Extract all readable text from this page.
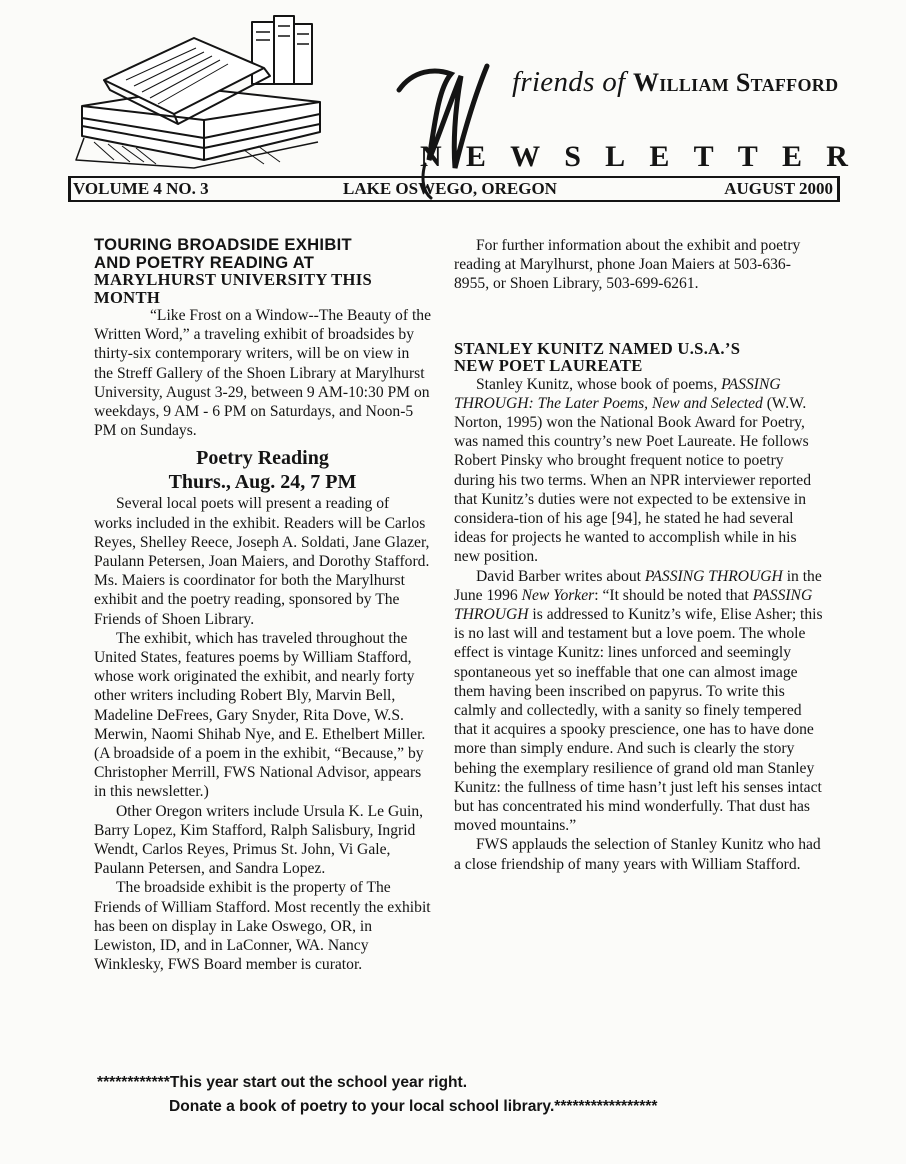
friends of William Stafford
NEWSLETTER
VOLUME 4 NO. 3	LAKE OSWEGO, OREGON	AUGUST 2000
TOURING BROADSIDE EXHIBIT
AND POETRY READING AT
MARYLHURST UNIVERSITY THIS
MONTH

“Like Frost on a Window--The Beauty of the Written Word,” a traveling exhibit of broadsides by thirty-six contemporary writers, will be on view in the Streff Gallery of the Shoen Library at Marylhurst University, August 3-29, between 9 AM-10:30 PM on weekdays, 9 AM - 6 PM on Saturdays, and Noon-5 PM on Sundays.

Poetry Reading
Thurs., Aug. 24, 7 PM

Several local poets will present a reading of works included in the exhibit. Readers will be Carlos Reyes, Shelley Reece, Joseph A. Soldati, Jane Glazer, Paulann Petersen, Joan Maiers, and Dorothy Stafford. Ms. Maiers is coordinator for both the Marylhurst exhibit and the poetry reading, sponsored by The Friends of Shoen Library.

The exhibit, which has traveled throughout the United States, features poems by William Stafford, whose work originated the exhibit, and nearly forty other writers including Robert Bly, Marvin Bell, Madeline DeFrees, Gary Snyder, Rita Dove, W.S. Merwin, Naomi Shihab Nye, and E. Ethelbert Miller. (A broadside of a poem in the exhibit, “Because,” by Christopher Merrill, FWS National Advisor, appears in this newsletter.)

Other Oregon writers include Ursula K. Le Guin, Barry Lopez, Kim Stafford, Ralph Salisbury, Ingrid Wendt, Carlos Reyes, Primus St. John, Vi Gale, Paulann Petersen, and Sandra Lopez.

The broadside exhibit is the property of The Friends of William Stafford. Most recently the exhibit has been on display in Lake Oswego, OR, in Lewiston, ID, and in LaConner, WA. Nancy Winklesky, FWS Board member is curator.

For further information about the exhibit and poetry reading at Marylhurst, phone Joan Maiers at 503-636-8955, or Shoen Library, 503-699-6261.

STANLEY KUNITZ NAMED U.S.A.’S
NEW POET LAUREATE

Stanley Kunitz, whose book of poems, PASSING THROUGH: The Later Poems, New and Selected (W.W. Norton, 1995) won the National Book Award for Poetry, was named this country’s new Poet Laureate. He follows Robert Pinsky who brought frequent notice to poetry during his two terms. When an NPR interviewer reported that Kunitz’s duties were not expected to be extensive in considera-tion of his age [94], he stated he had several ideas for projects he wanted to accomplish while in his new position.

David Barber writes about PASSING THROUGH in the June 1996 New Yorker: “It should be noted that PASSING THROUGH is addressed to Kunitz’s wife, Elise Asher; this is no last will and testament but a love poem. The whole effect is vintage Kunitz: lines unforced and seemingly spontaneous yet so ineffable that one can almost image them having been inscribed on papyrus. To write this calmly and collectedly, with a sanity so finely tempered that it acquires a spooky prescience, one has to have done more than simply endure. And such is clearly the story behing the exemplary resilience of grand old man Stanley Kunitz: the fullness of time hasn’t just left his senses intact but has concentrated his mind wonderfully. That dust has moved mountains.”

FWS applauds the selection of Stanley Kunitz who had a close friendship of many years with William Stafford.

************This year start out the school year right.
Donate a book of poetry to your local school library.*****************
